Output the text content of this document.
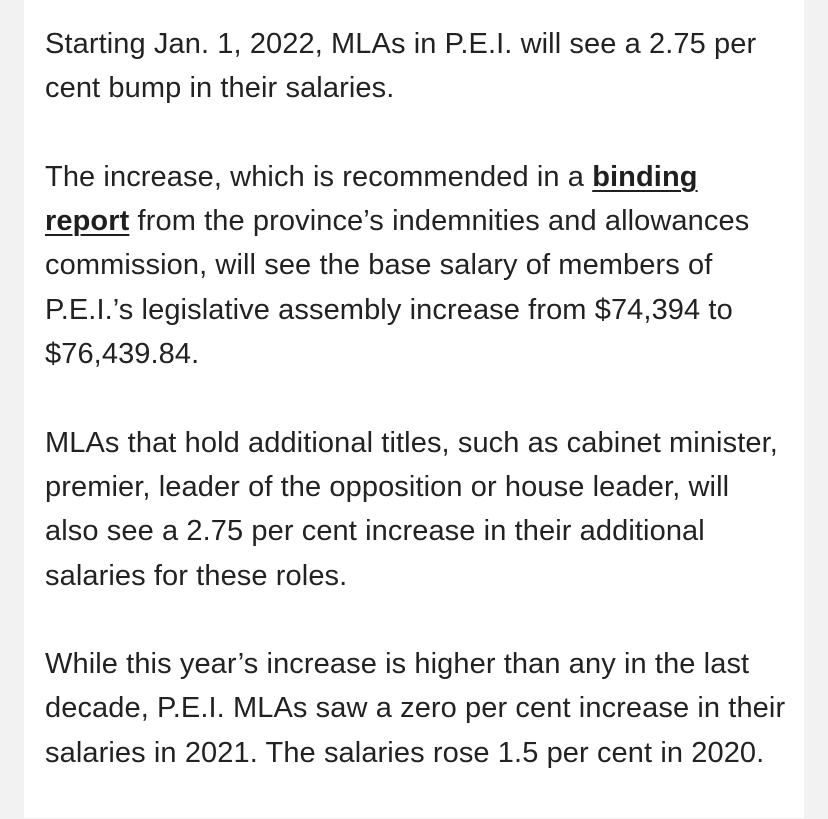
Starting Jan. 1, 2022, MLAs in P.E.I. will see a 2.75 per cent bump in their salaries.

The increase, which is recommended in a binding report from the province’s indemnities and allowances commission, will see the base salary of members of P.E.I.’s legislative assembly increase from $74,394 to $76,439.84.

MLAs that hold additional titles, such as cabinet minister, premier, leader of the opposition or house leader, will also see a 2.75 per cent increase in their additional salaries for these roles.

While this year’s increase is higher than any in the last decade, P.E.I. MLAs saw a zero per cent increase in their salaries in 2021. The salaries rose 1.5 per cent in 2020.
